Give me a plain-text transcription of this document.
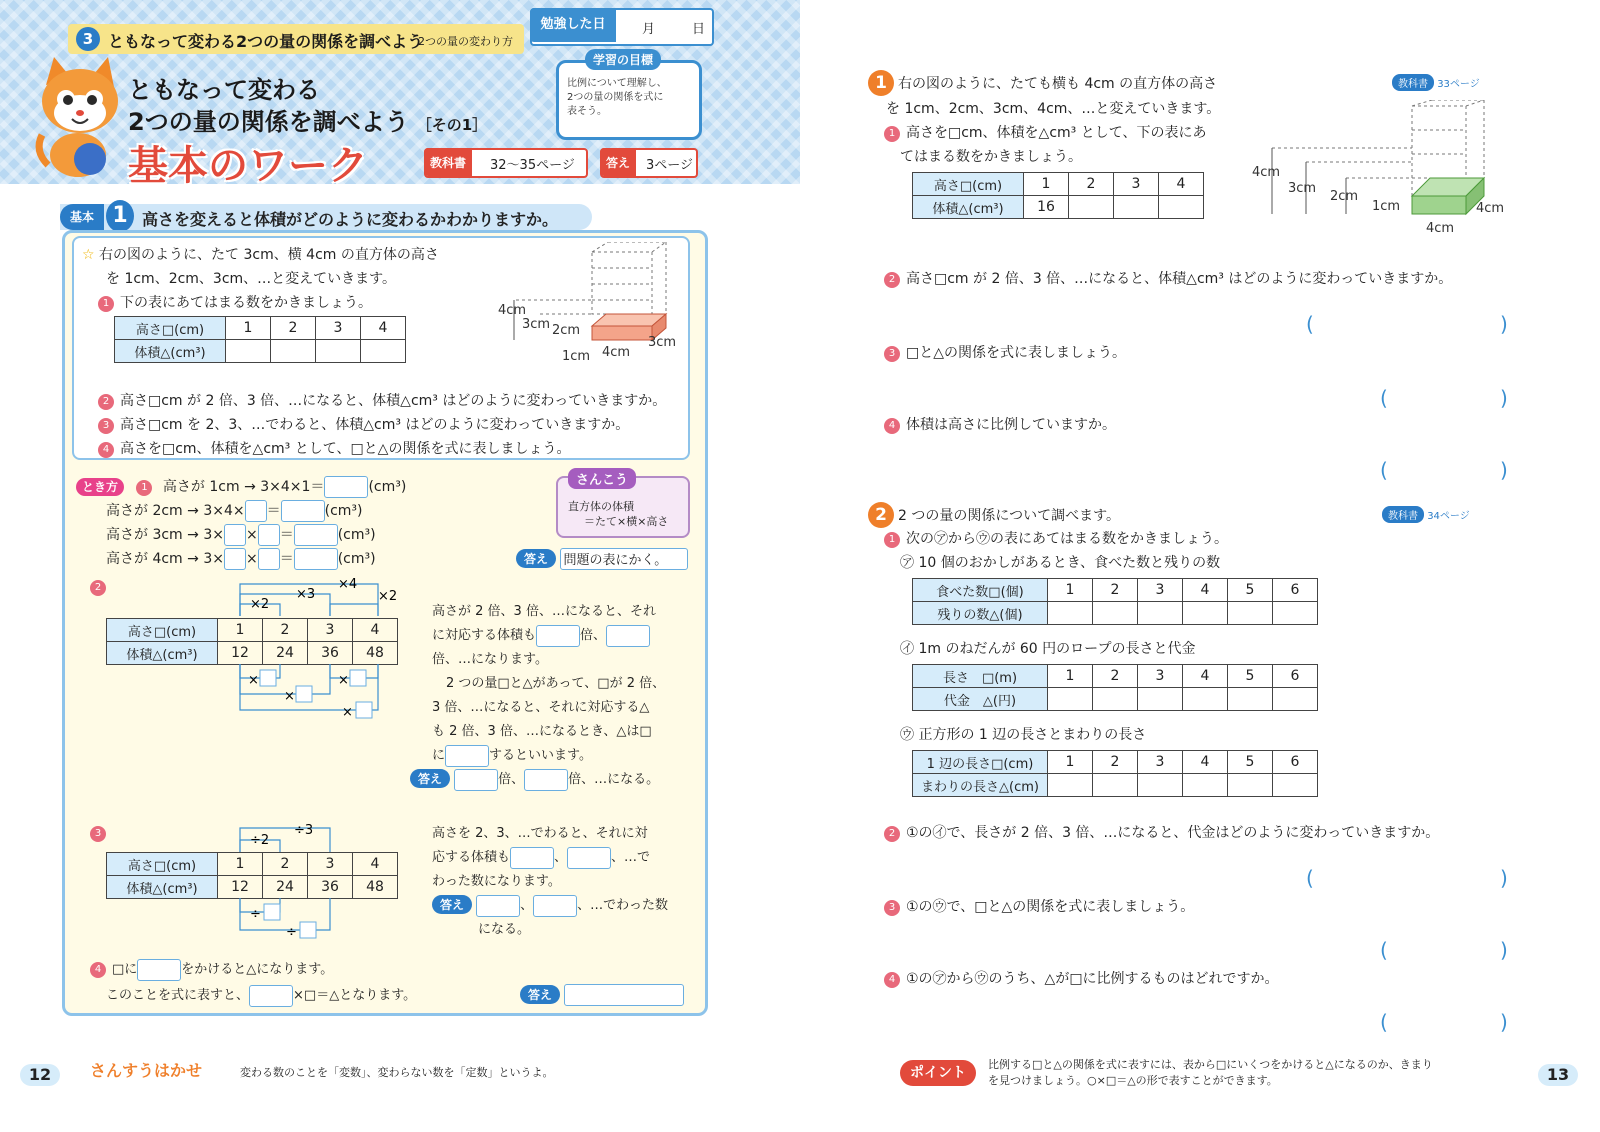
3 ともなって変わる2つの量の関係を調べよう
2つの量の変わり方
勉強した日	月	日
ともなって変わる
2つの量の関係を調べよう ［その1］
基本のワーク
学習の目標
比例について理解し、
2つの量の関係を式に
表そう。
教科書	32〜35ページ	答え	3ページ
基本 1 高さを変えると体積がどのように変わるかわかりますか。
☆ 右の図のように、たて 3cm、横 4cm の直方体の高さ
を 1cm、2cm、3cm、…と変えていきます。
1 下の表にあてはまる数をかきましょう。
高さ□(cm)	1	2	3	4
体積△(cm³)				
4cm
3cm 2cm
1cm 4cm
3cm
2 高さ□cm が 2 倍、3 倍、…になると、体積△cm³ はどのように変わっていきますか。
3 高さ□cm を 2、3、…でわると、体積△cm³ はどのように変わっていきますか。
4 高さを□cm、体積を△cm³ として、□と△の関係を式に表しましょう。
とき方 1 高さが 1cm → 3×4×1＝	(cm³)
高さが 2cm → 3×4× ＝	(cm³)
高さが 3cm → 3× × ＝	(cm³)
高さが 4cm → 3× × ＝	(cm³)
さんこう
直方体の体積
＝たて×横×高さ
答え 問題の表にかく。
2
×2
×3
×4
×2
高さ□(cm)	1	2	3	4
体積△(cm³)	12	24	36	48
×
×
×
×
高さが 2 倍、3 倍、…になると、それ
に対応する体積も	倍、
倍、…になります。
2 つの量□と△があって、□が 2 倍、
3 倍、…になると、それに対応する△
も 2 倍、3 倍、…になるとき、△は□
に	するといいます。
答え	倍、	倍、…になる。
3	÷2
÷3
高さ□(cm)	1	2	3	4
体積△(cm³)	12	24	36	48
÷
÷
高さを 2、3、…でわると、それに対
応する体積も	、	、…で
わった数になります。
答え	、	、…でわった数
になる。
4 □に	をかけると△になります。
このことを式に表すと、	×□＝△となります。	答え
12	さんすうはかせ	変わる数のことを「変数」、変わらない数を「定数」というよ。
1 右の図のように、たても横も 4cm の直方体の高さ
を 1cm、2cm、3cm、4cm、…と変えていきます。
教科書 33ページ
1 高さを□cm、体積を△cm³ として、下の表にあ
てはまる数をかきましょう。
高さ□(cm)	1	2	3	4
体積△(cm³)	16			
4cm
3cm
2cm
1cm
4cm
4cm
2 高さ□cm が 2 倍、3 倍、…になると、体積△cm³ はどのように変わっていきますか。
(	)
3 □と△の関係を式に表しましょう。
(	)
4 体積は高さに比例していますか。
(	)
2 2 つの量の関係について調べます。	教科書 34ページ
1 次の㋐から㋒の表にあてはまる数をかきましょう。
㋐ 10 個のおかしがあるとき、食べた数と残りの数
食べた数□(個)	1	2	3	4	5	6
残りの数△(個)						
㋑ 1m のねだんが 60 円のロープの長さと代金
長さ　□(m)	1	2	3	4	5	6
代金　△(円)						
㋒ 正方形の 1 辺の長さとまわりの長さ
1 辺の長さ□(cm)	1	2	3	4	5	6
まわりの長さ△(cm)						
2 ①の㋑で、長さが 2 倍、3 倍、…になると、代金はどのように変わっていきますか。
(	)
3 ①の㋒で、□と△の関係を式に表しましょう。
(	)
4 ①の㋐から㋒のうち、△が□に比例するものはどれですか。
(	)
ポイント
比例する□と△の関係を式に表すには、表から□にいくつをかけると△になるのか、きまり
を見つけましょう。○×□＝△の形で表すことができます。	13
